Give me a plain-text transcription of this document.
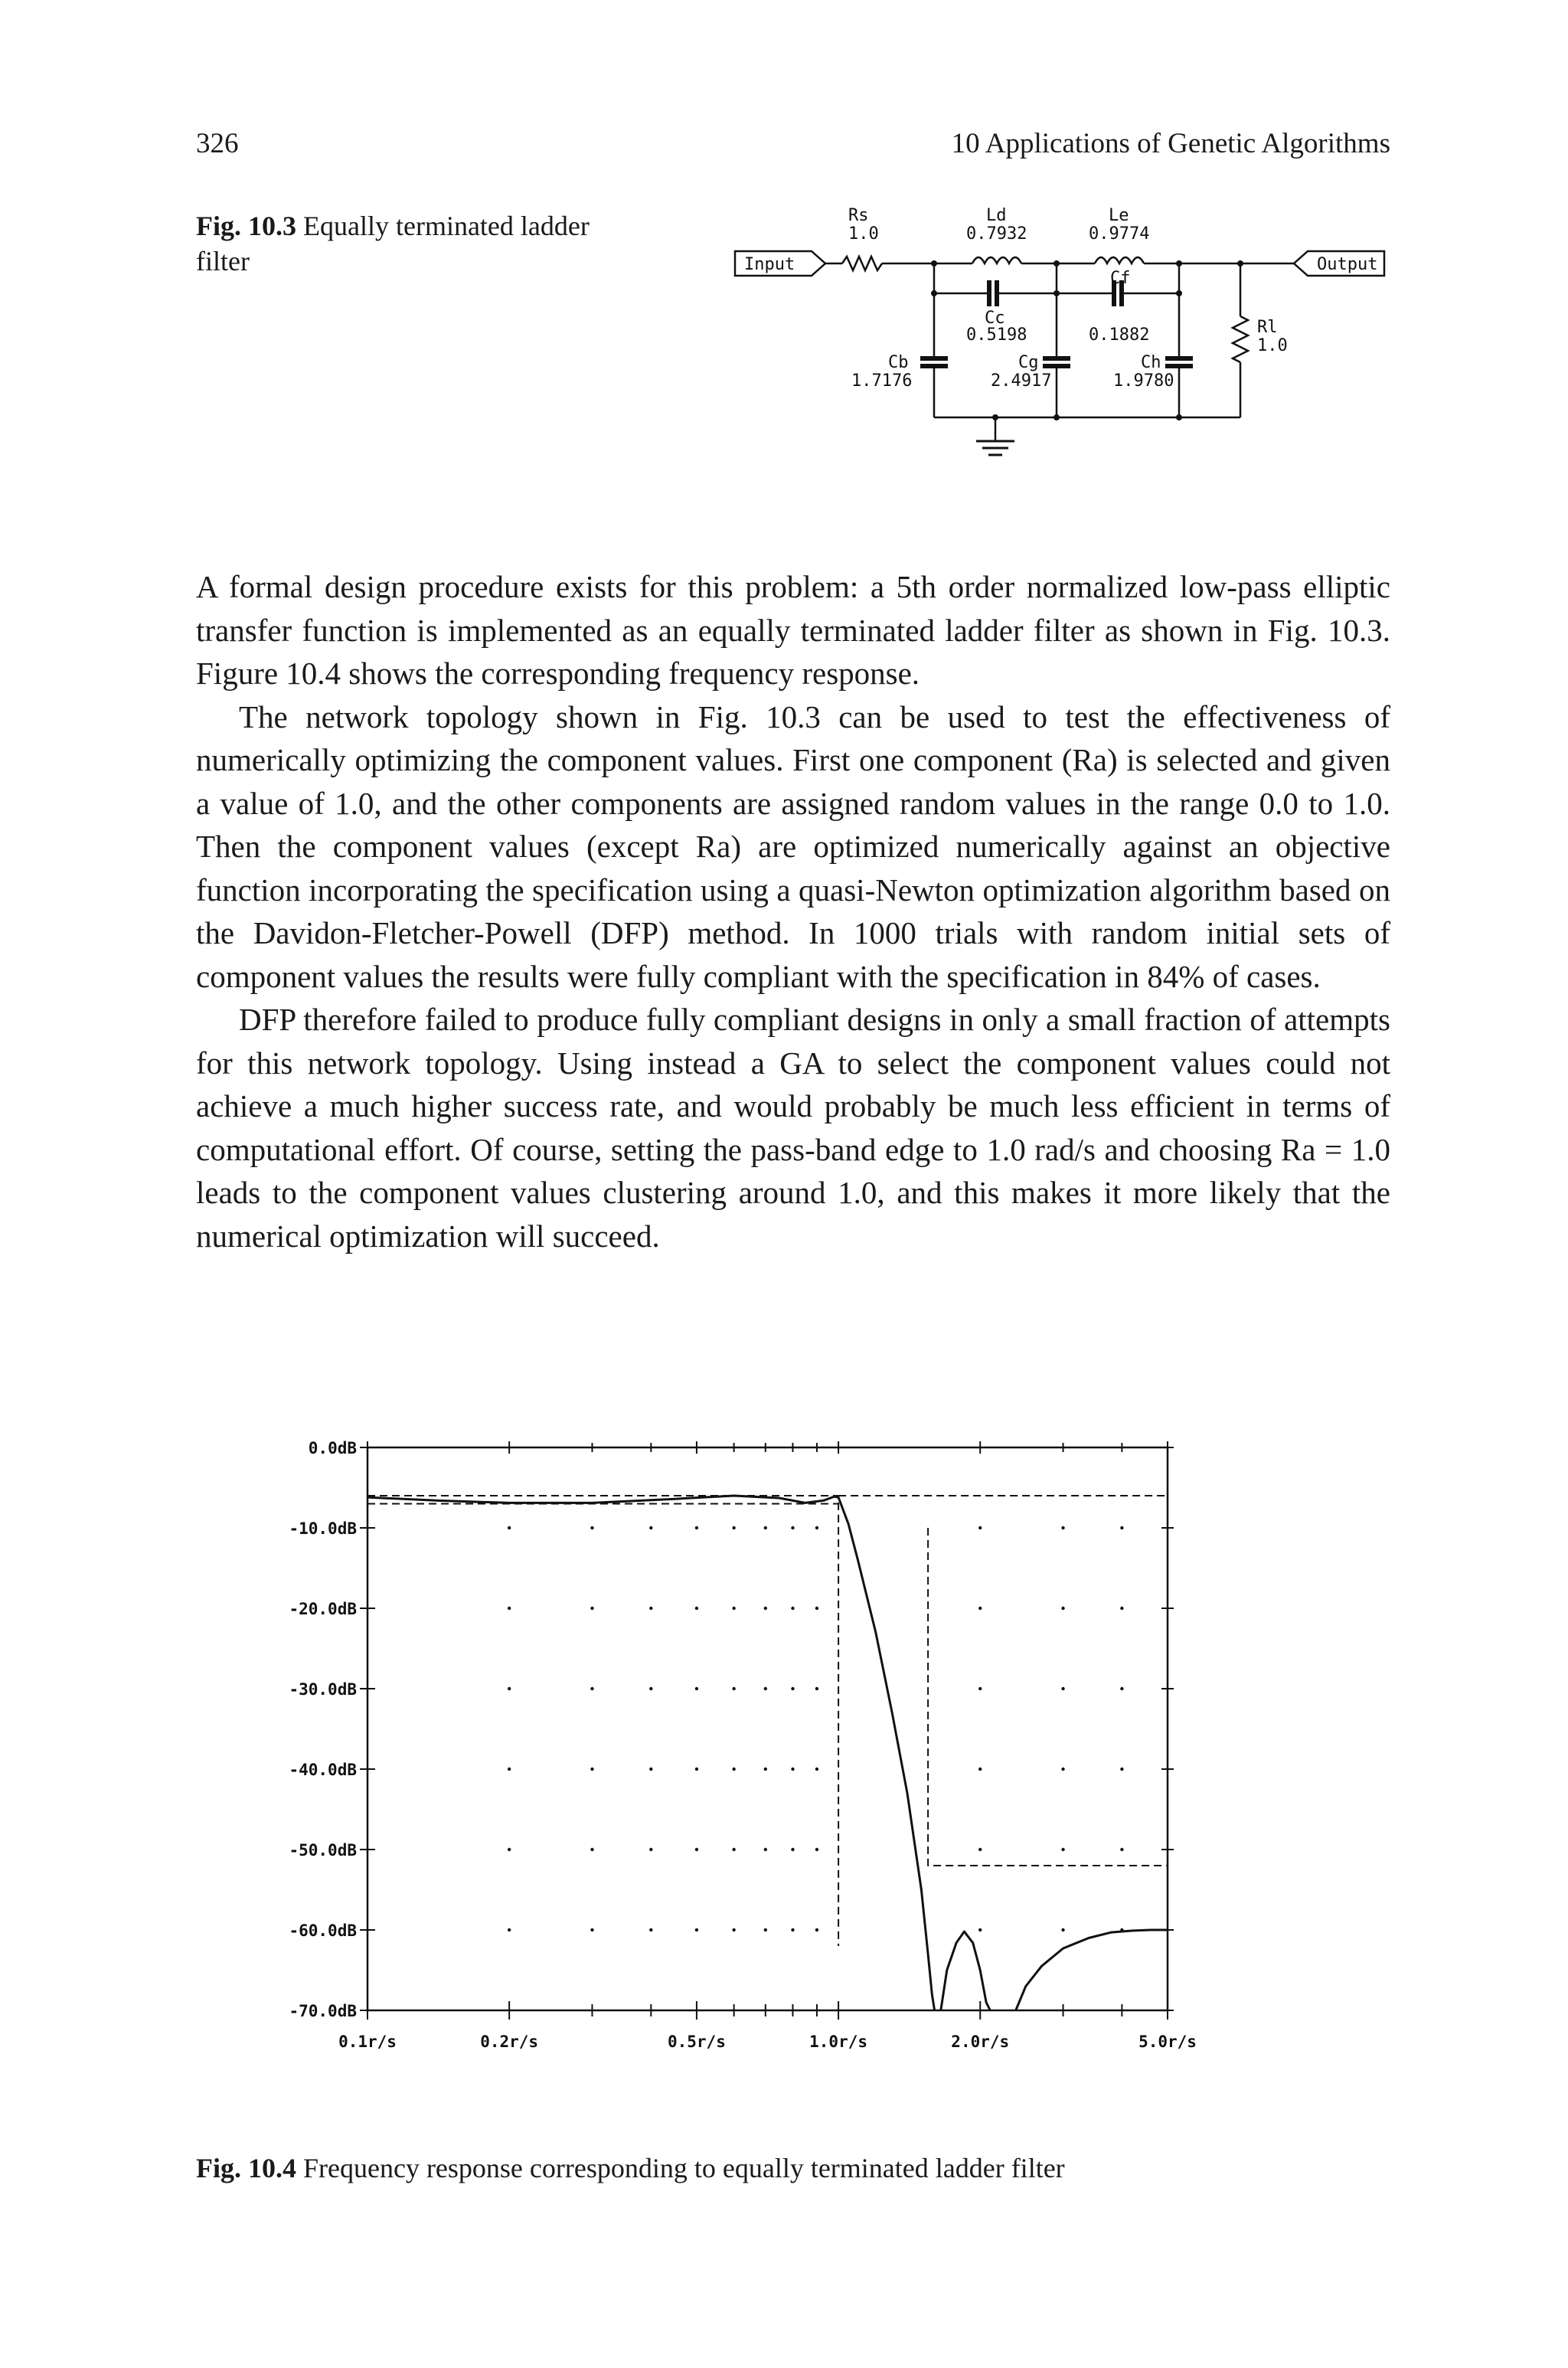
326	10 Applications of Genetic Algorithms
Fig. 10.3 Equally terminated ladder filter	Input	Output
Rs
1.0
Ld
0.7932
Le
0.9774
Cc
0.5198
Cf
0.1882	Rl
1.0
Cb
1.7176
Cg
2.4917
Ch
1.9780

A formal design procedure exists for this problem: a 5th order normalized low-pass elliptic transfer function is implemented as an equally terminated ladder filter as shown in Fig. 10.3. Figure 10.4 shows the corresponding frequency response.

The network topology shown in Fig. 10.3 can be used to test the effectiveness of numerically optimizing the component values. First one component (Ra) is selected and given a value of 1.0, and the other components are assigned random values in the range 0.0 to 1.0. Then the component values (except Ra) are optimized numerically against an objective function incorporating the specification using a quasi-Newton optimization algorithm based on the Davidon-Fletcher-Powell (DFP) method. In 1000 trials with random initial sets of component values the results were fully compliant with the specification in 84% of cases.

DFP therefore failed to produce fully compliant designs in only a small fraction of attempts for this network topology. Using instead a GA to select the component values could not achieve a much higher success rate, and would probably be much less efficient in terms of computational effort. Of course, setting the pass-band edge to 1.0 rad/s and choosing Ra = 1.0 leads to the component values clustering around 1.0, and this makes it more likely that the numerical optimization will succeed.

0.0dB
-10.0dB
-20.0dB
-30.0dB
-40.0dB
-50.0dB
-60.0dB
-70.0dB
0.1r/s	0.2r/s	0.5r/s	1.0r/s	2.0r/s	5.0r/s
Fig. 10.4 Frequency response corresponding to equally terminated ladder filter
